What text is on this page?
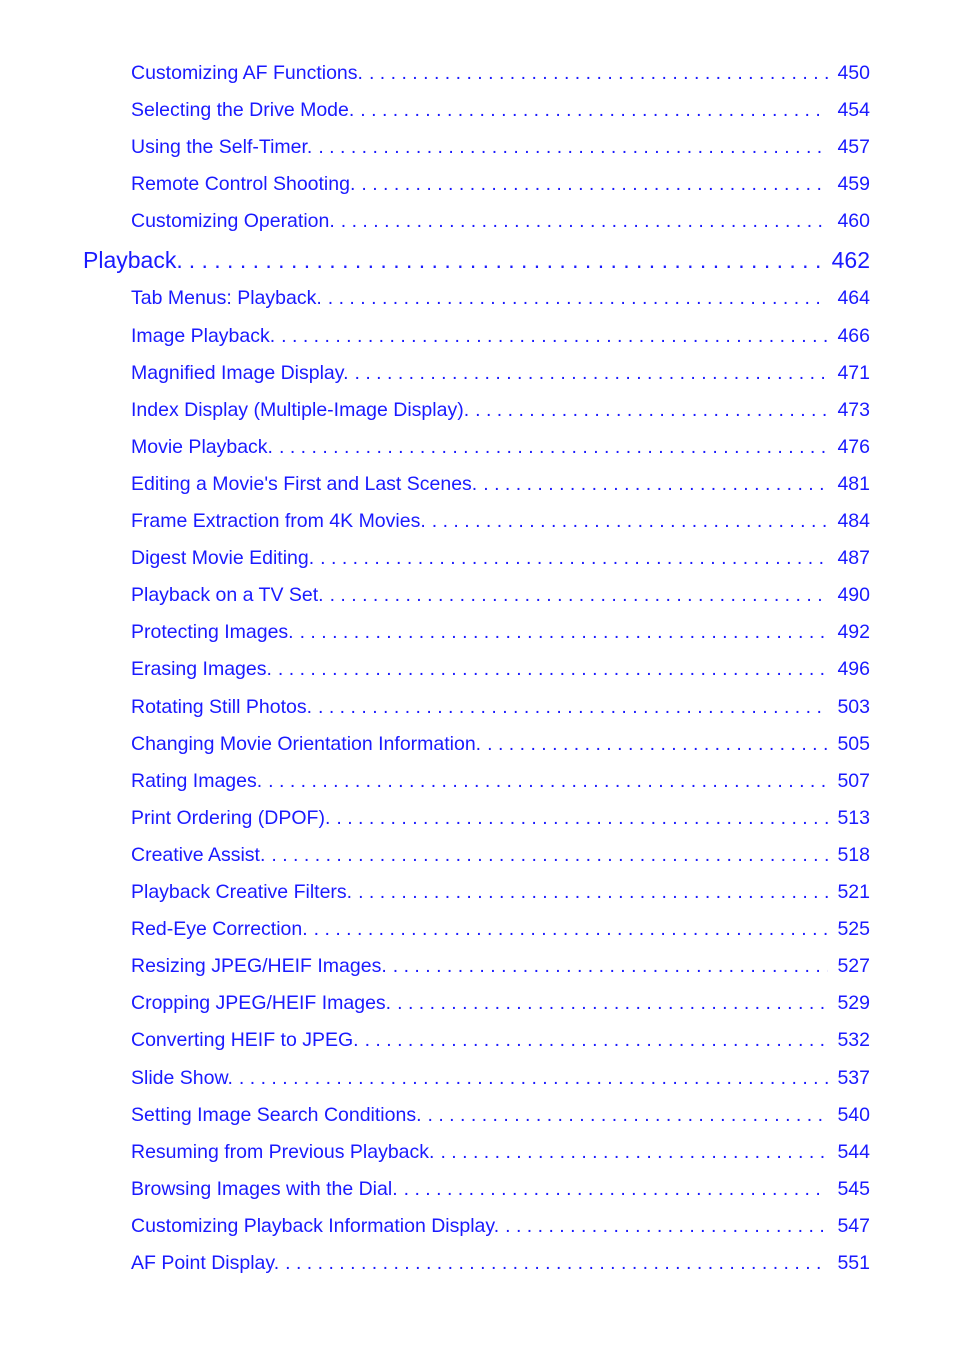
Customizing AF Functions. . . .	450
Selecting the Drive Mode. . . .	454
Using the Self-Timer. . . .	457
Remote Control Shooting. . . .	459
Customizing Operation. . . .	460
Playback. . . .	462
Tab Menus: Playback. . . .	464
Image Playback. . . .	466
Magnified Image Display. . . .	471
Index Display (Multiple-Image Display). . . .	473
Movie Playback. . . .	476
Editing a Movie's First and Last Scenes. . . .	481
Frame Extraction from 4K Movies. . . .	484
Digest Movie Editing. . . .	487
Playback on a TV Set. . . .	490
Protecting Images. . . .	492
Erasing Images. . . .	496
Rotating Still Photos. . . .	503
Changing Movie Orientation Information. . . .	505
Rating Images. . . .	507
Print Ordering (DPOF). . . .	513
Creative Assist. . . .	518
Playback Creative Filters. . . .	521
Red-Eye Correction. . . .	525
Resizing JPEG/HEIF Images. . . .	527
Cropping JPEG/HEIF Images. . . .	529
Converting HEIF to JPEG. . . .	532
Slide Show. . . .	537
Setting Image Search Conditions. . . .	540
Resuming from Previous Playback. . . .	544
Browsing Images with the Dial. . . .	545
Customizing Playback Information Display. . . .	547
AF Point Display. . . .	551
